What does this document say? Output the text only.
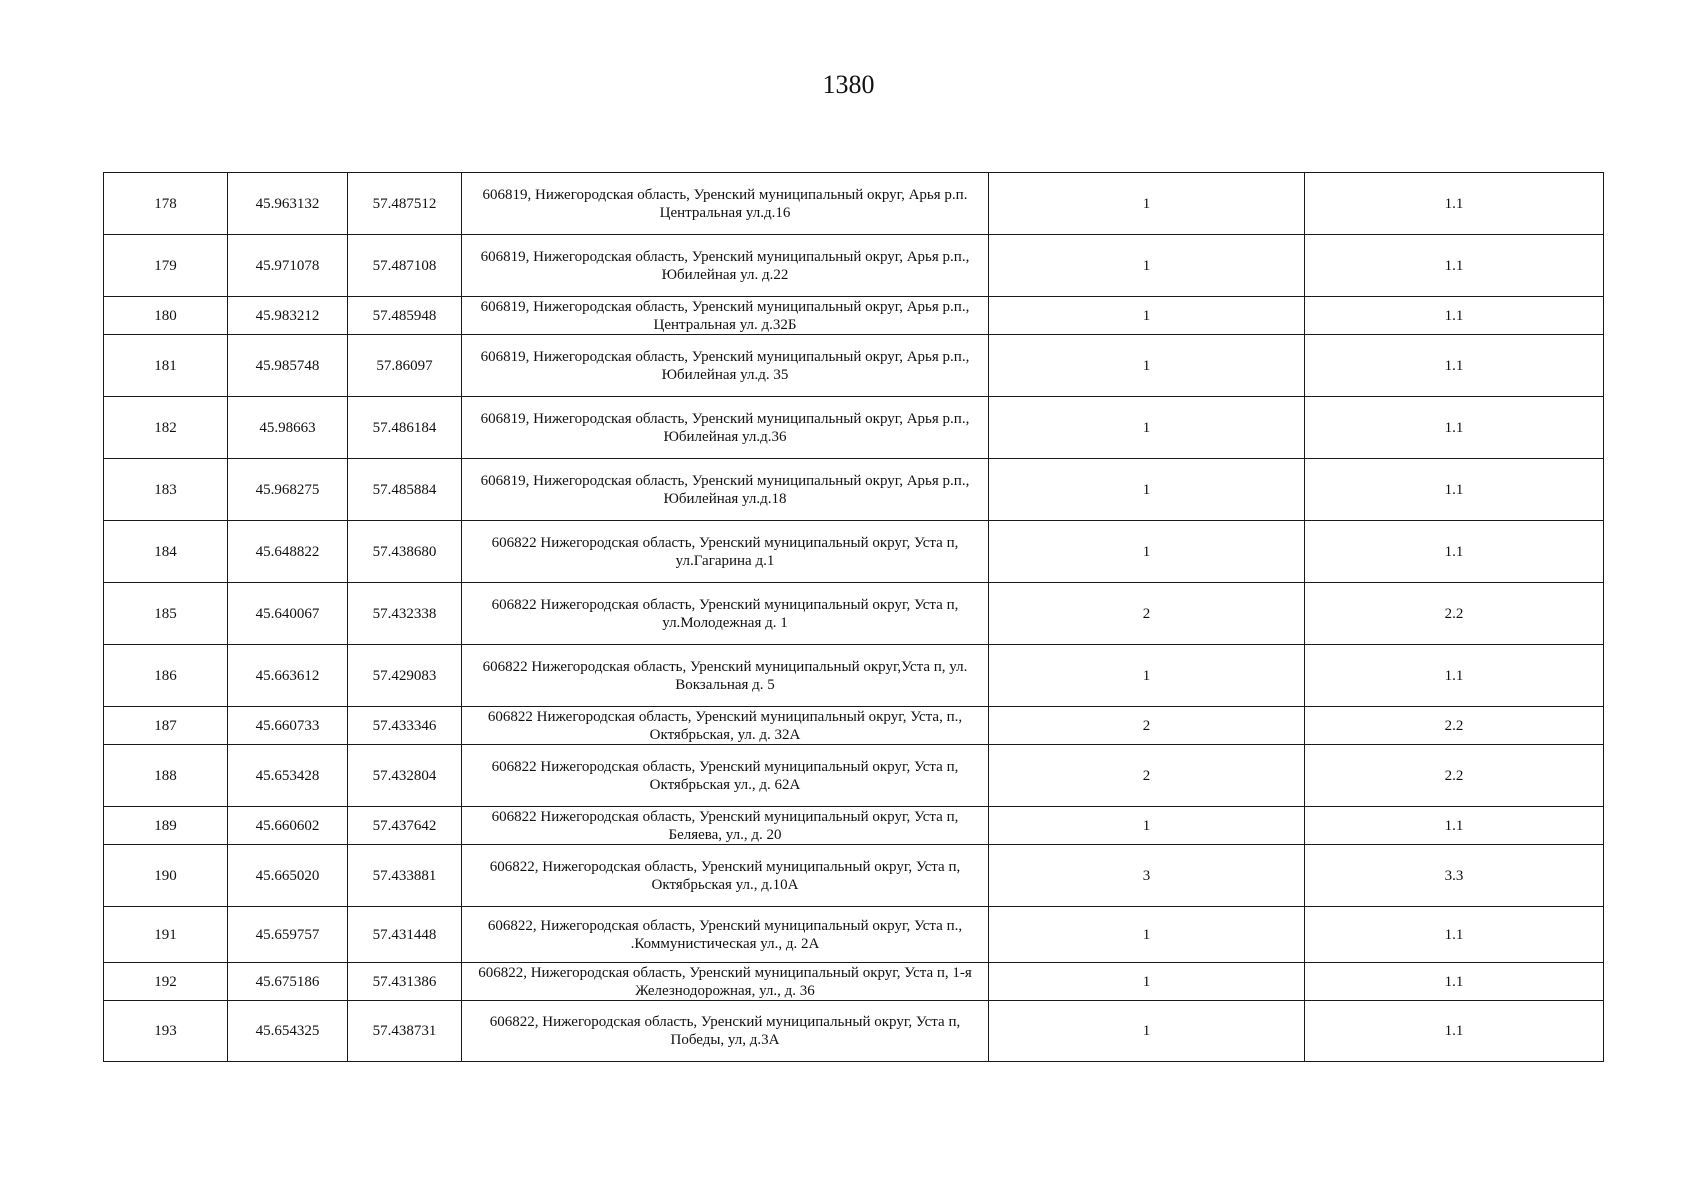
1380
178	45.963132	57.487512	606819, Нижегородская область, Уренский муниципальный округ, Арья р.п. Центральная ул.д.16	1	1.1
179	45.971078	57.487108	606819, Нижегородская область, Уренский муниципальный округ, Арья р.п., Юбилейная ул. д.22	1	1.1
180	45.983212	57.485948	606819, Нижегородская область, Уренский муниципальный округ, Арья р.п., Центральная ул. д.32Б	1	1.1
181	45.985748	57.86097	606819, Нижегородская область, Уренский муниципальный округ, Арья р.п., Юбилейная ул.д. 35	1	1.1
182	45.98663	57.486184	606819, Нижегородская область, Уренский муниципальный округ, Арья р.п., Юбилейная ул.д.36	1	1.1
183	45.968275	57.485884	606819, Нижегородская область, Уренский муниципальный округ, Арья р.п., Юбилейная ул.д.18	1	1.1
184	45.648822	57.438680	606822 Нижегородская область, Уренский муниципальный округ, Уста п, ул.Гагарина д.1	1	1.1
185	45.640067	57.432338	606822 Нижегородская область, Уренский муниципальный округ, Уста п, ул.Молодежная д. 1	2	2.2
186	45.663612	57.429083	606822 Нижегородская область, Уренский муниципальный округ,Уста п, ул. Вокзальная д. 5	1	1.1
187	45.660733	57.433346	606822 Нижегородская область, Уренский муниципальный округ, Уста, п., Октябрьская, ул. д. 32А	2	2.2
188	45.653428	57.432804	606822 Нижегородская область, Уренский муниципальный округ, Уста п, Октябрьская ул., д. 62А	2	2.2
189	45.660602	57.437642	606822 Нижегородская область, Уренский муниципальный округ, Уста п, Беляева, ул., д. 20	1	1.1
190	45.665020	57.433881	606822, Нижегородская область, Уренский муниципальный округ, Уста п, Октябрьская ул., д.10А	3	3.3
191	45.659757	57.431448	606822, Нижегородская область, Уренский муниципальный округ, Уста п., .Коммунистическая ул., д. 2А	1	1.1
192	45.675186	57.431386	606822, Нижегородская область, Уренский муниципальный округ, Уста п, 1-я Железнодорожная, ул., д. 36	1	1.1
193	45.654325	57.438731	606822, Нижегородская область, Уренский муниципальный округ, Уста п, Победы, ул, д.3А	1	1.1
